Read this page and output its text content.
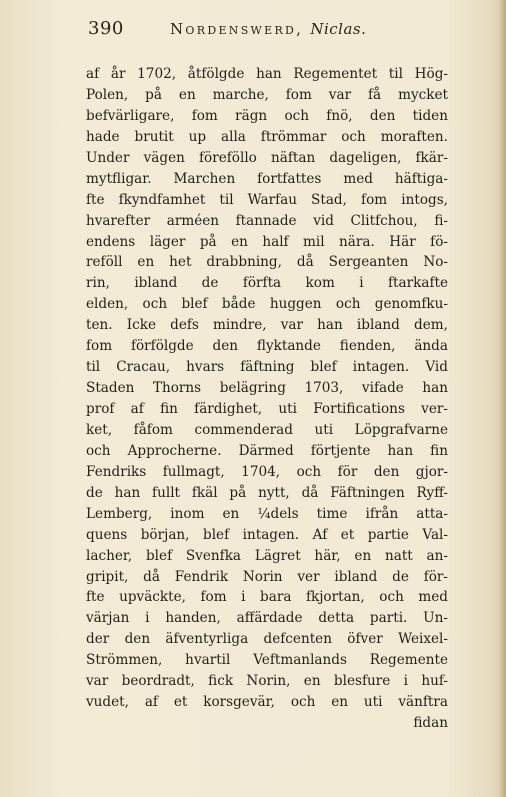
390	Nordenswerd, Niclas.
af år 1702, åtfölgde han Regementet til Hög-
Polen, på en marche, fom var få mycket
befvärligare, fom rägn och fnö, den tiden
hade brutit up alla ftrömmar och moraften.
Under vägen föreföllo näftan dageligen, fkär-
mytfligar. Marchen fortfattes med häftiga-
fte fkyndfamhet til Warfau Stad, fom intogs,
hvarefter arméen ftannade vid Clitfchou, fi-
endens läger på en half mil nära. Här fö-
reföll en het drabbning, då Sergeanten No-
rin, ibland de förfta kom i ftarkafte
elden, och blef både huggen och genomfku-
ten. Icke defs mindre, var han ibland dem,
fom förfölgde den flyktande fienden, ända
til Cracau, hvars fäftning blef intagen. Vid
Staden Thorns belägring 1703, vifade han
prof af fin färdighet, uti Fortifications ver-
ket, fåfom commenderad uti Löpgrafvarne
och Approcherne. Därmed förtjente han fin
Fendriks fullmagt, 1704, och för den gjor-
de han fullt fkäl på nytt, då Fäftningen Ryff-
Lemberg, inom en ¼dels time ifrån atta-
quens början, blef intagen. Af et partie Val-
lacher, blef Svenfka Lägret här, en natt an-
gripit, då Fendrik Norin ver ibland de för-
fte upväckte, fom i bara fkjortan, och med
värjan i handen, affärdade detta parti. Un-
der den äfventyrliga defcenten öfver Weixel-
Strömmen, hvartil Veftmanlands Regemente
var beordradt, fick Norin, en blesfure i huf-
vudet, af et korsgevär, och en uti vänftra
fidan
